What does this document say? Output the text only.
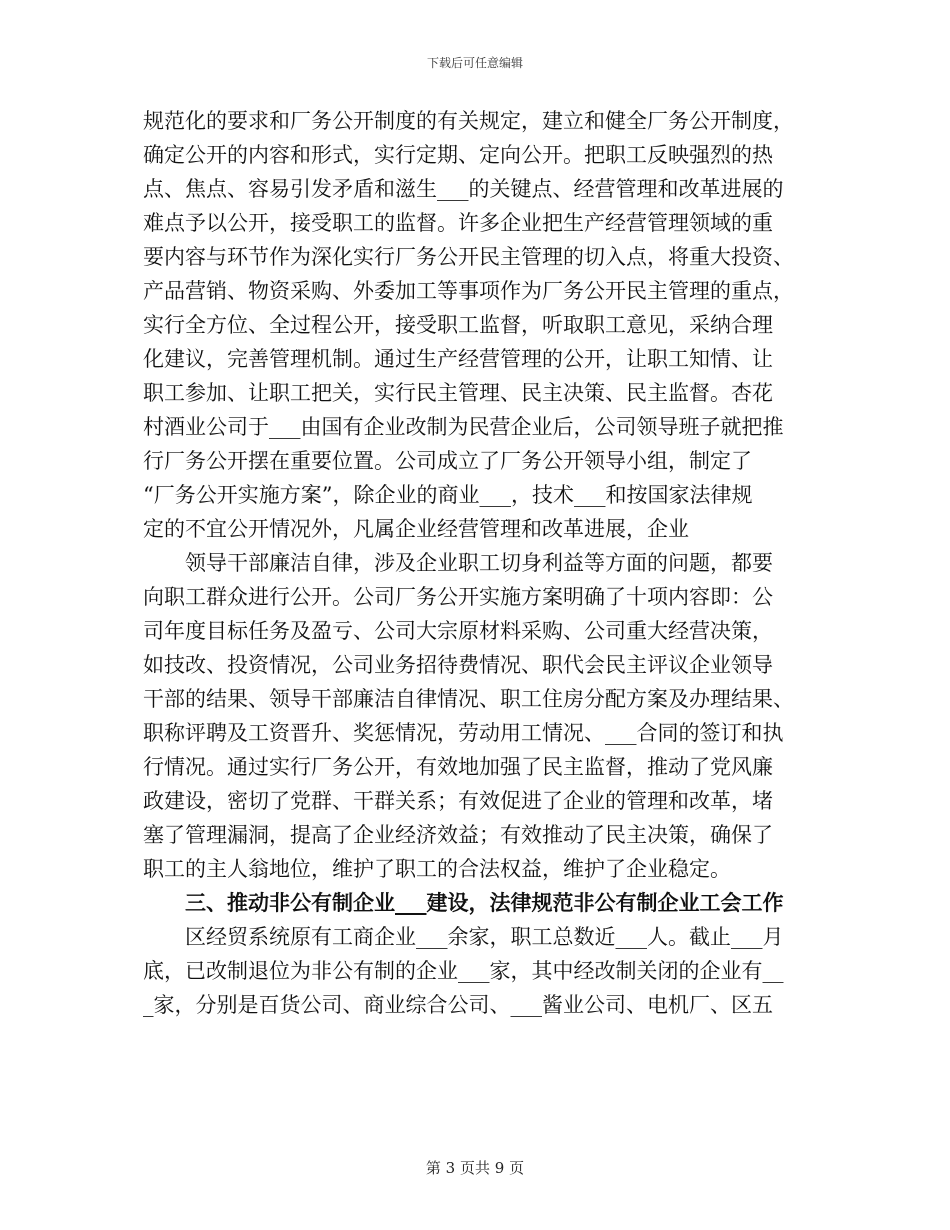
下载后可任意编辑
规范化的要求和厂务公开制度的有关规定，建立和健全厂务公开制度，
确定公开的内容和形式，实行定期、定向公开。把职工反映强烈的热
点、焦点、容易引发矛盾和滋生___的关键点、经营管理和改革进展的
难点予以公开，接受职工的监督。许多企业把生产经营管理领域的重
要内容与环节作为深化实行厂务公开民主管理的切入点，将重大投资、
产品营销、物资采购、外委加工等事项作为厂务公开民主管理的重点，
实行全方位、全过程公开，接受职工监督，听取职工意见，采纳合理
化建议，完善管理机制。通过生产经营管理的公开，让职工知情、让
职工参加、让职工把关，实行民主管理、民主决策、民主监督。杏花
村酒业公司于___由国有企业改制为民营企业后，公司领导班子就把推
行厂务公开摆在重要位置。公司成立了厂务公开领导小组，制定了
“厂务公开实施方案”，除企业的商业___，技术___和按国家法律规
定的不宜公开情况外，凡属企业经营管理和改革进展，企业
领导干部廉洁自律，涉及企业职工切身利益等方面的问题，都要
向职工群众进行公开。公司厂务公开实施方案明确了十项内容即：公
司年度目标任务及盈亏、公司大宗原材料采购、公司重大经营决策，
如技改、投资情况，公司业务招待费情况、职代会民主评议企业领导
干部的结果、领导干部廉洁自律情况、职工住房分配方案及办理结果、
职称评聘及工资晋升、奖惩情况，劳动用工情况、___合同的签订和执
行情况。通过实行厂务公开，有效地加强了民主监督，推动了党风廉
政建设，密切了党群、干群关系；有效促进了企业的管理和改革，堵
塞了管理漏洞，提高了企业经济效益；有效推动了民主决策，确保了
职工的主人翁地位，维护了职工的合法权益，维护了企业稳定。
三、推动非公有制企业___建设，法律规范非公有制企业工会工作
区经贸系统原有工商企业___余家，职工总数近___人。截止___月
底，已改制退位为非公有制的企业___家，其中经改制关闭的企业有__
_家，分别是百货公司、商业综合公司、___酱业公司、电机厂、区五
第 3 页共 9 页
